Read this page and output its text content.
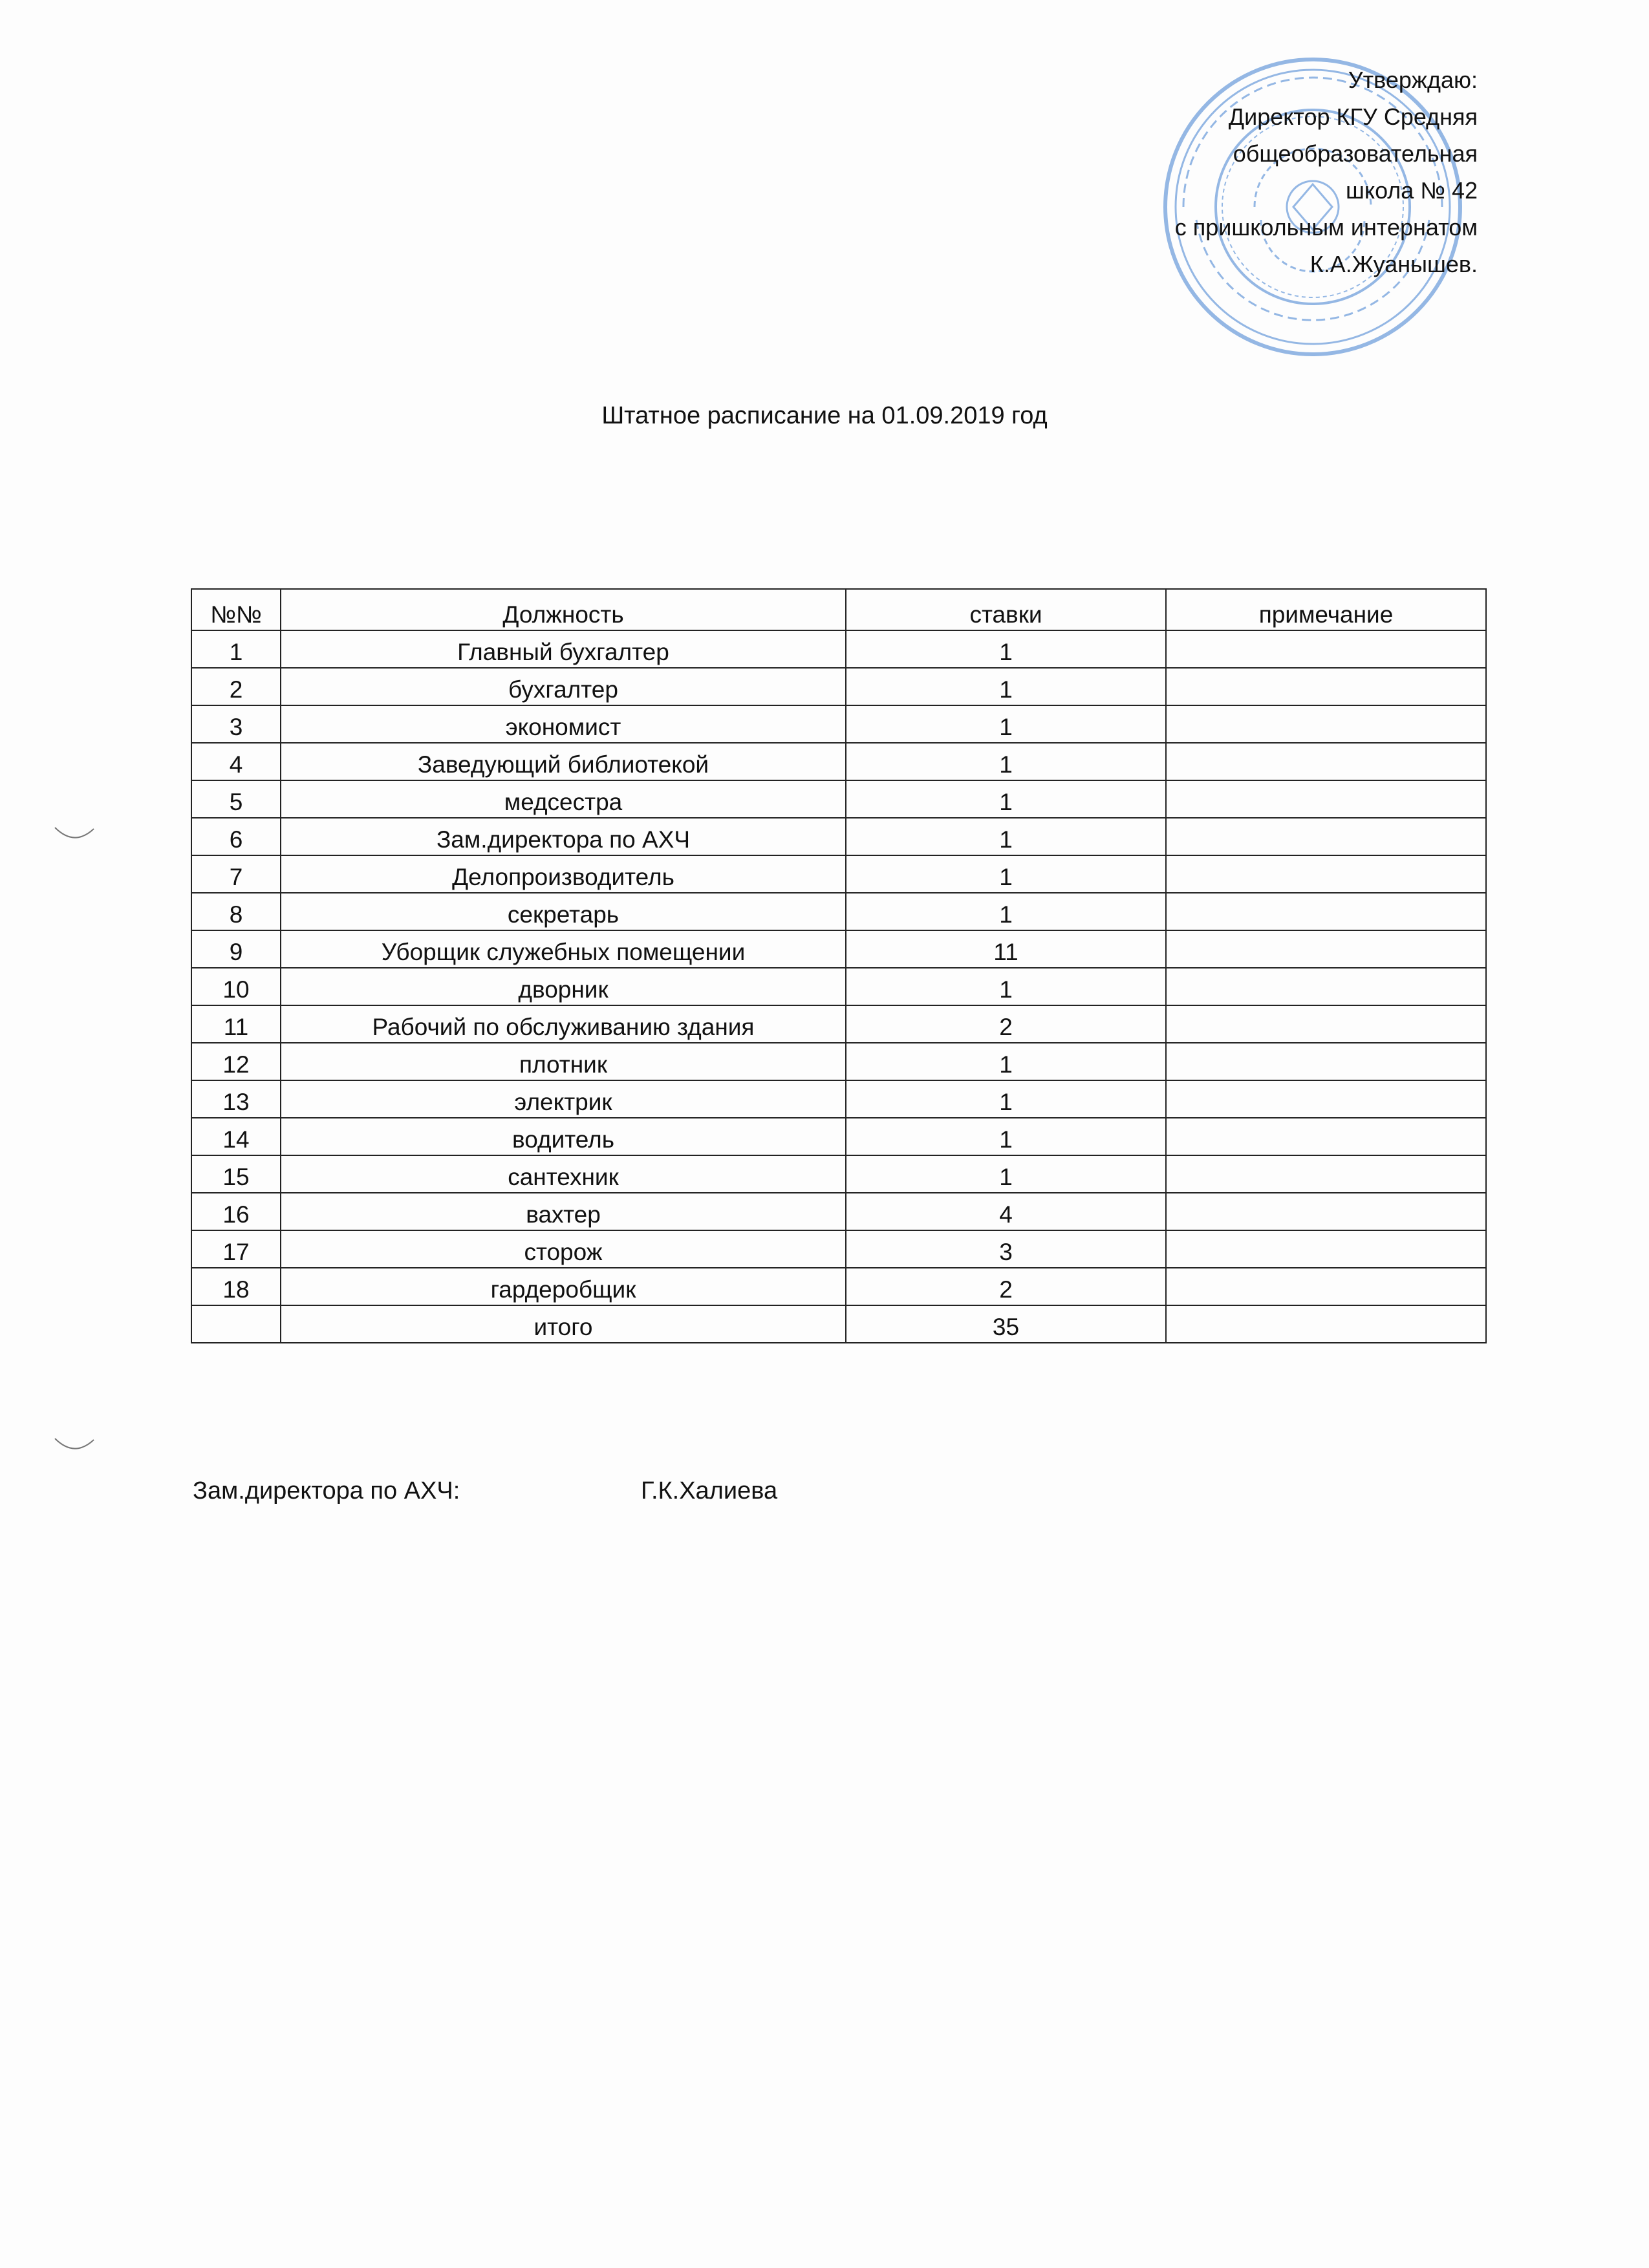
Утверждаю:
Директор КГУ Средняя
общеобразовательная
школа № 42
с пришкольным интернатом
К.А.Жуанышев.
Штатное расписание на 01.09.2019 год
№№	Должность	ставки	примечание
1	Главный бухгалтер	1	
2	бухгалтер	1	
3	экономист	1	
4	Заведующий библиотекой	1	
5	медсестра	1	
6	Зам.директора по АХЧ	1	
7	Делопроизводитель	1	
8	секретарь	1	
9	Уборщик служебных помещении	11	
10	дворник	1	
11	Рабочий по обслуживанию здания	2	
12	плотник	1	
13	электрик	1	
14	водитель	1	
15	сантехник	1	
16	вахтер	4	
17	сторож	3	
18	гардеробщик	2	
	итого	35	
Зам.директора по АХЧ:	Г.К.Халиева
